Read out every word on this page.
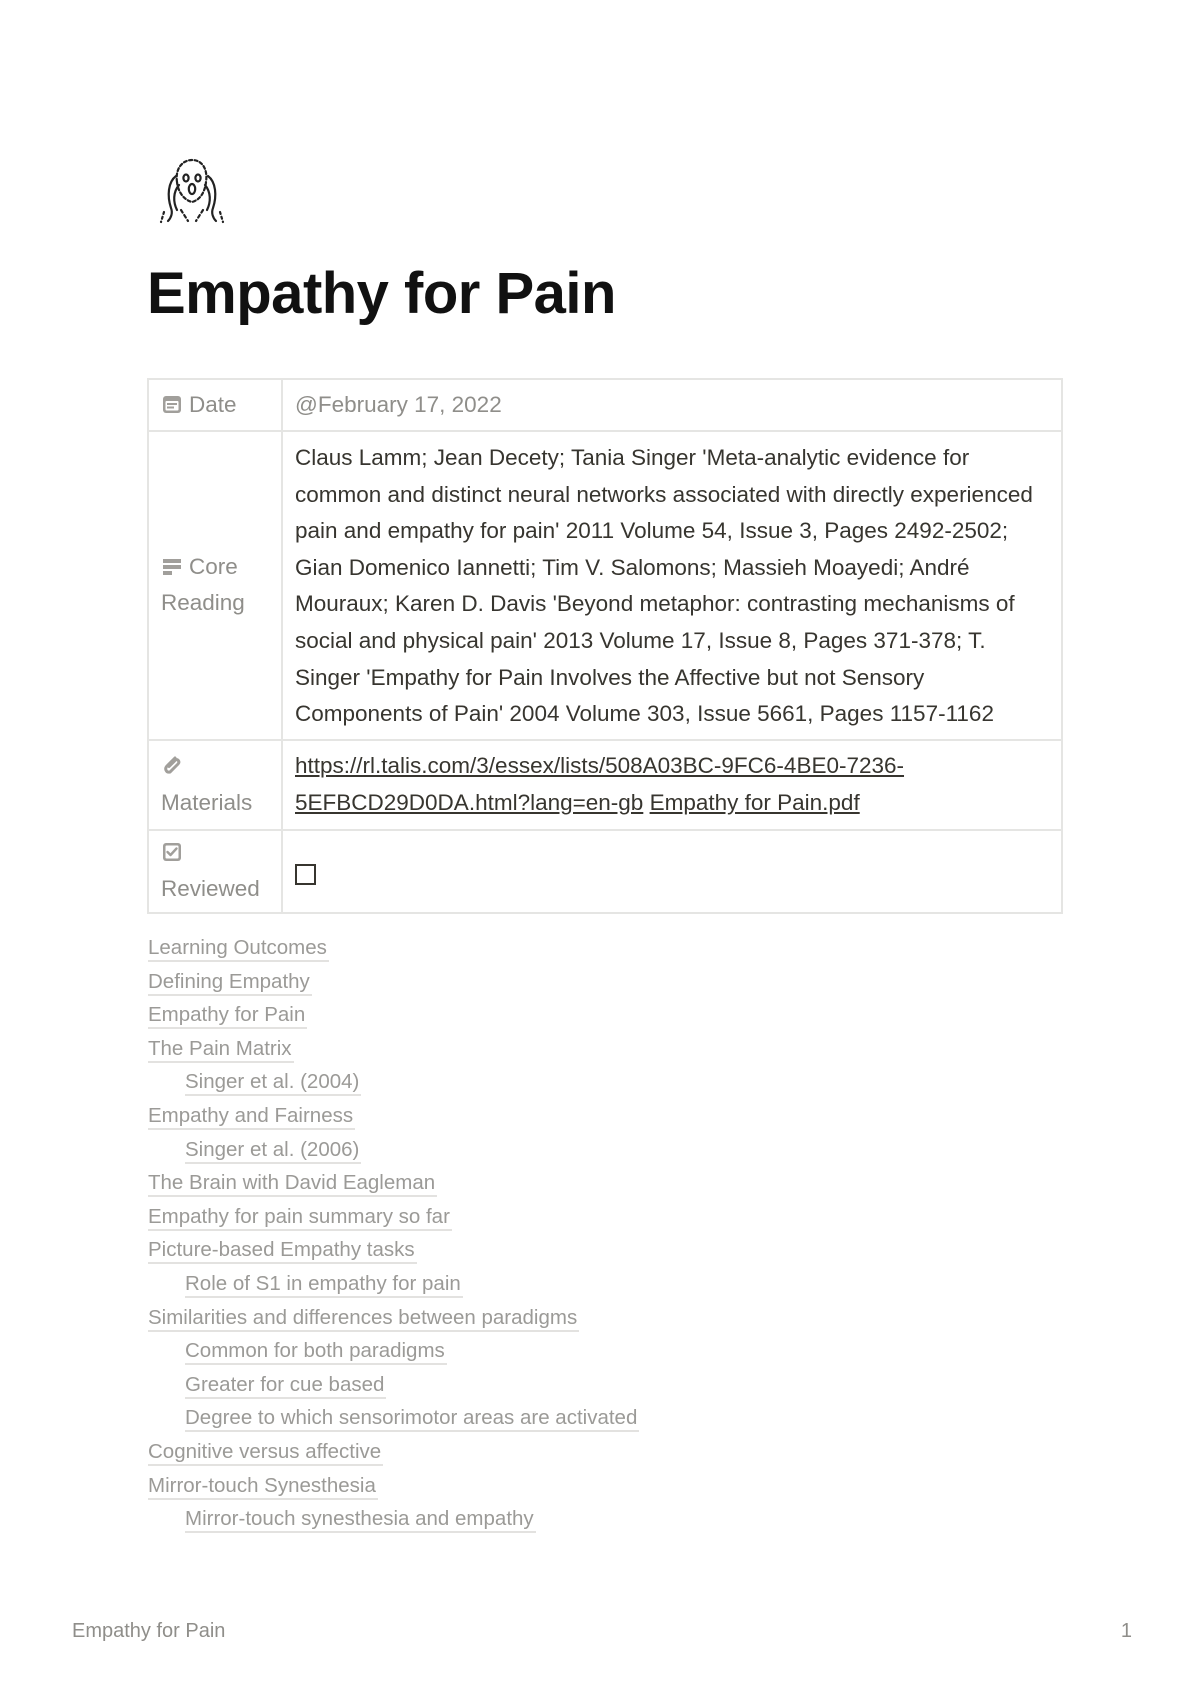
Empathy for Pain
Date	@February 17, 2022

Core Reading	Claus Lamm; Jean Decety; Tania Singer 'Meta-analytic evidence for common and distinct neural networks associated with directly experienced pain and empathy for pain' 2011 Volume 54, Issue 3, Pages 2492-2502; Gian Domenico Iannetti; Tim V. Salomons; Massieh Moayedi; André Mouraux; Karen D. Davis 'Beyond metaphor: contrasting mechanisms of social and physical pain' 2013 Volume 17, Issue 8, Pages 371-378; T. Singer 'Empathy for Pain Involves the Affective but not Sensory Components of Pain' 2004 Volume 303, Issue 5661, Pages 1157-1162

Materials	https://rl.talis.com/3/essex/lists/508A03BC-9FC6-4BE0-7236-5EFBCD29D0DA.html?lang=en-gb Empathy for Pain.pdf

Reviewed	
Learning Outcomes
Defining Empathy
Empathy for Pain
The Pain Matrix
Singer et al. (2004)
Empathy and Fairness
Singer et al. (2006)
The Brain with David Eagleman
Empathy for pain summary so far
Picture-based Empathy tasks
Role of S1 in empathy for pain
Similarities and differences between paradigms
Common for both paradigms
Greater for cue based
Degree to which sensorimotor areas are activated
Cognitive versus affective
Mirror-touch Synesthesia
Mirror-touch synesthesia and empathy
Empathy for Pain	1
